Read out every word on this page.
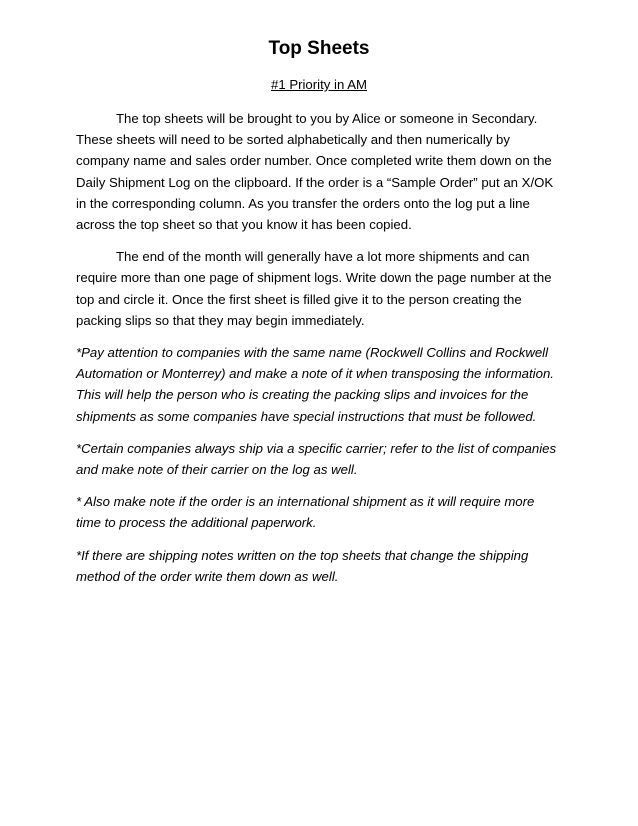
Top Sheets
#1 Priority in AM

The top sheets will be brought to you by Alice or someone in Secondary. These sheets will need to be sorted alphabetically and then numerically by company name and sales order number. Once completed write them down on the Daily Shipment Log on the clipboard. If the order is a “Sample Order” put an X/OK in the corresponding column. As you transfer the orders onto the log put a line across the top sheet so that you know it has been copied.

The end of the month will generally have a lot more shipments and can require more than one page of shipment logs. Write down the page number at the top and circle it. Once the first sheet is filled give it to the person creating the packing slips so that they may begin immediately.

*Pay attention to companies with the same name (Rockwell Collins and Rockwell Automation or Monterrey) and make a note of it when transposing the information. This will help the person who is creating the packing slips and invoices for the shipments as some companies have special instructions that must be followed.

*Certain companies always ship via a specific carrier; refer to the list of companies and make note of their carrier on the log as well.

* Also make note if the order is an international shipment as it will require more time to process the additional paperwork.

*If there are shipping notes written on the top sheets that change the shipping method of the order write them down as well.
